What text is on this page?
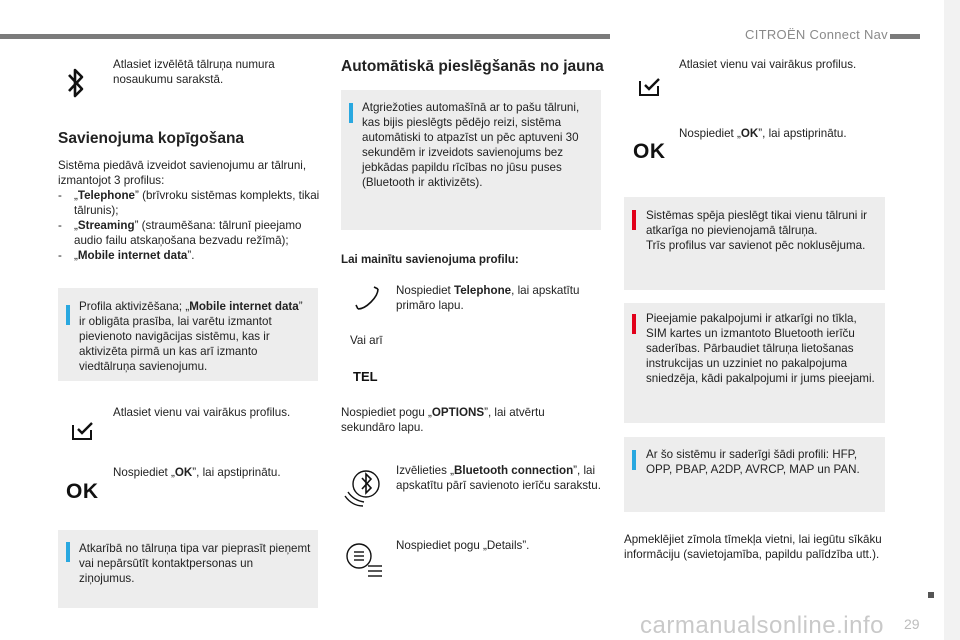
CITROËN Connect Nav
Atlasiet izvēlētā tālruņa numura nosaukumu sarakstā.
Savienojuma kopīgošana
Sistēma piedāvā izveidot savienojumu ar tālruni, izmantojot 3 profilus:
- „Telephone” (brīvroku sistēmas komplekts, tikai tālrunis);
- „Streaming” (straumēšana: tālrunī pieejamo audio failu atskaņošana bezvadu režīmā);
- „Mobile internet data”.
Profila aktivizēšana; „Mobile internet data” ir obligāta prasība, lai varētu izmantot pievienoto navigācijas sistēmu, kas ir aktivizēta pirmā un kas arī izmanto viedtālruņa savienojumu.
Atlasiet vienu vai vairākus profilus.
OK
Nospiediet „OK”, lai apstiprinātu.
Atkarībā no tālruņa tipa var pieprasīt pieņemt vai nepārsūtīt kontaktpersonas un ziņojumus.
Automātiskā pieslēgšanās no jauna
Atgriežoties automašīnā ar to pašu tālruni, kas bijis pieslēgts pēdējo reizi, sistēma automātiski to atpazīst un pēc aptuveni 30 sekundēm ir izveidots savienojums bez jebkādas papildu rīcības no jūsu puses (Bluetooth ir aktivizēts).
Lai mainītu savienojuma profilu:
Nospiediet Telephone, lai apskatītu primāro lapu.
Vai arī
TEL
Nospiediet pogu „OPTIONS”, lai atvērtu sekundāro lapu.
Izvēlieties „Bluetooth connection”, lai apskatītu pārī savienoto ierīču sarakstu.
Nospiediet pogu „Details”.
Atlasiet vienu vai vairākus profilus.
OK
Nospiediet „OK”, lai apstiprinātu.
Sistēmas spēja pieslēgt tikai vienu tālruni ir atkarīga no pievienojamā tālruņa.
Trīs profilus var savienot pēc noklusējuma.
Pieejamie pakalpojumi ir atkarīgi no tīkla, SIM kartes un izmantoto Bluetooth ierīču saderības. Pārbaudiet tālruņa lietošanas instrukcijas un uzziniet no pakalpojuma sniedzēja, kādi pakalpojumi ir jums pieejami.
Ar šo sistēmu ir saderīgi šādi profili: HFP, OPP, PBAP, A2DP, AVRCP, MAP un PAN.
Apmeklējiet zīmola tīmekļa vietni, lai iegūtu sīkāku informāciju (savietojamība, papildu palīdzība utt.).
carmanualsonline.info 29
